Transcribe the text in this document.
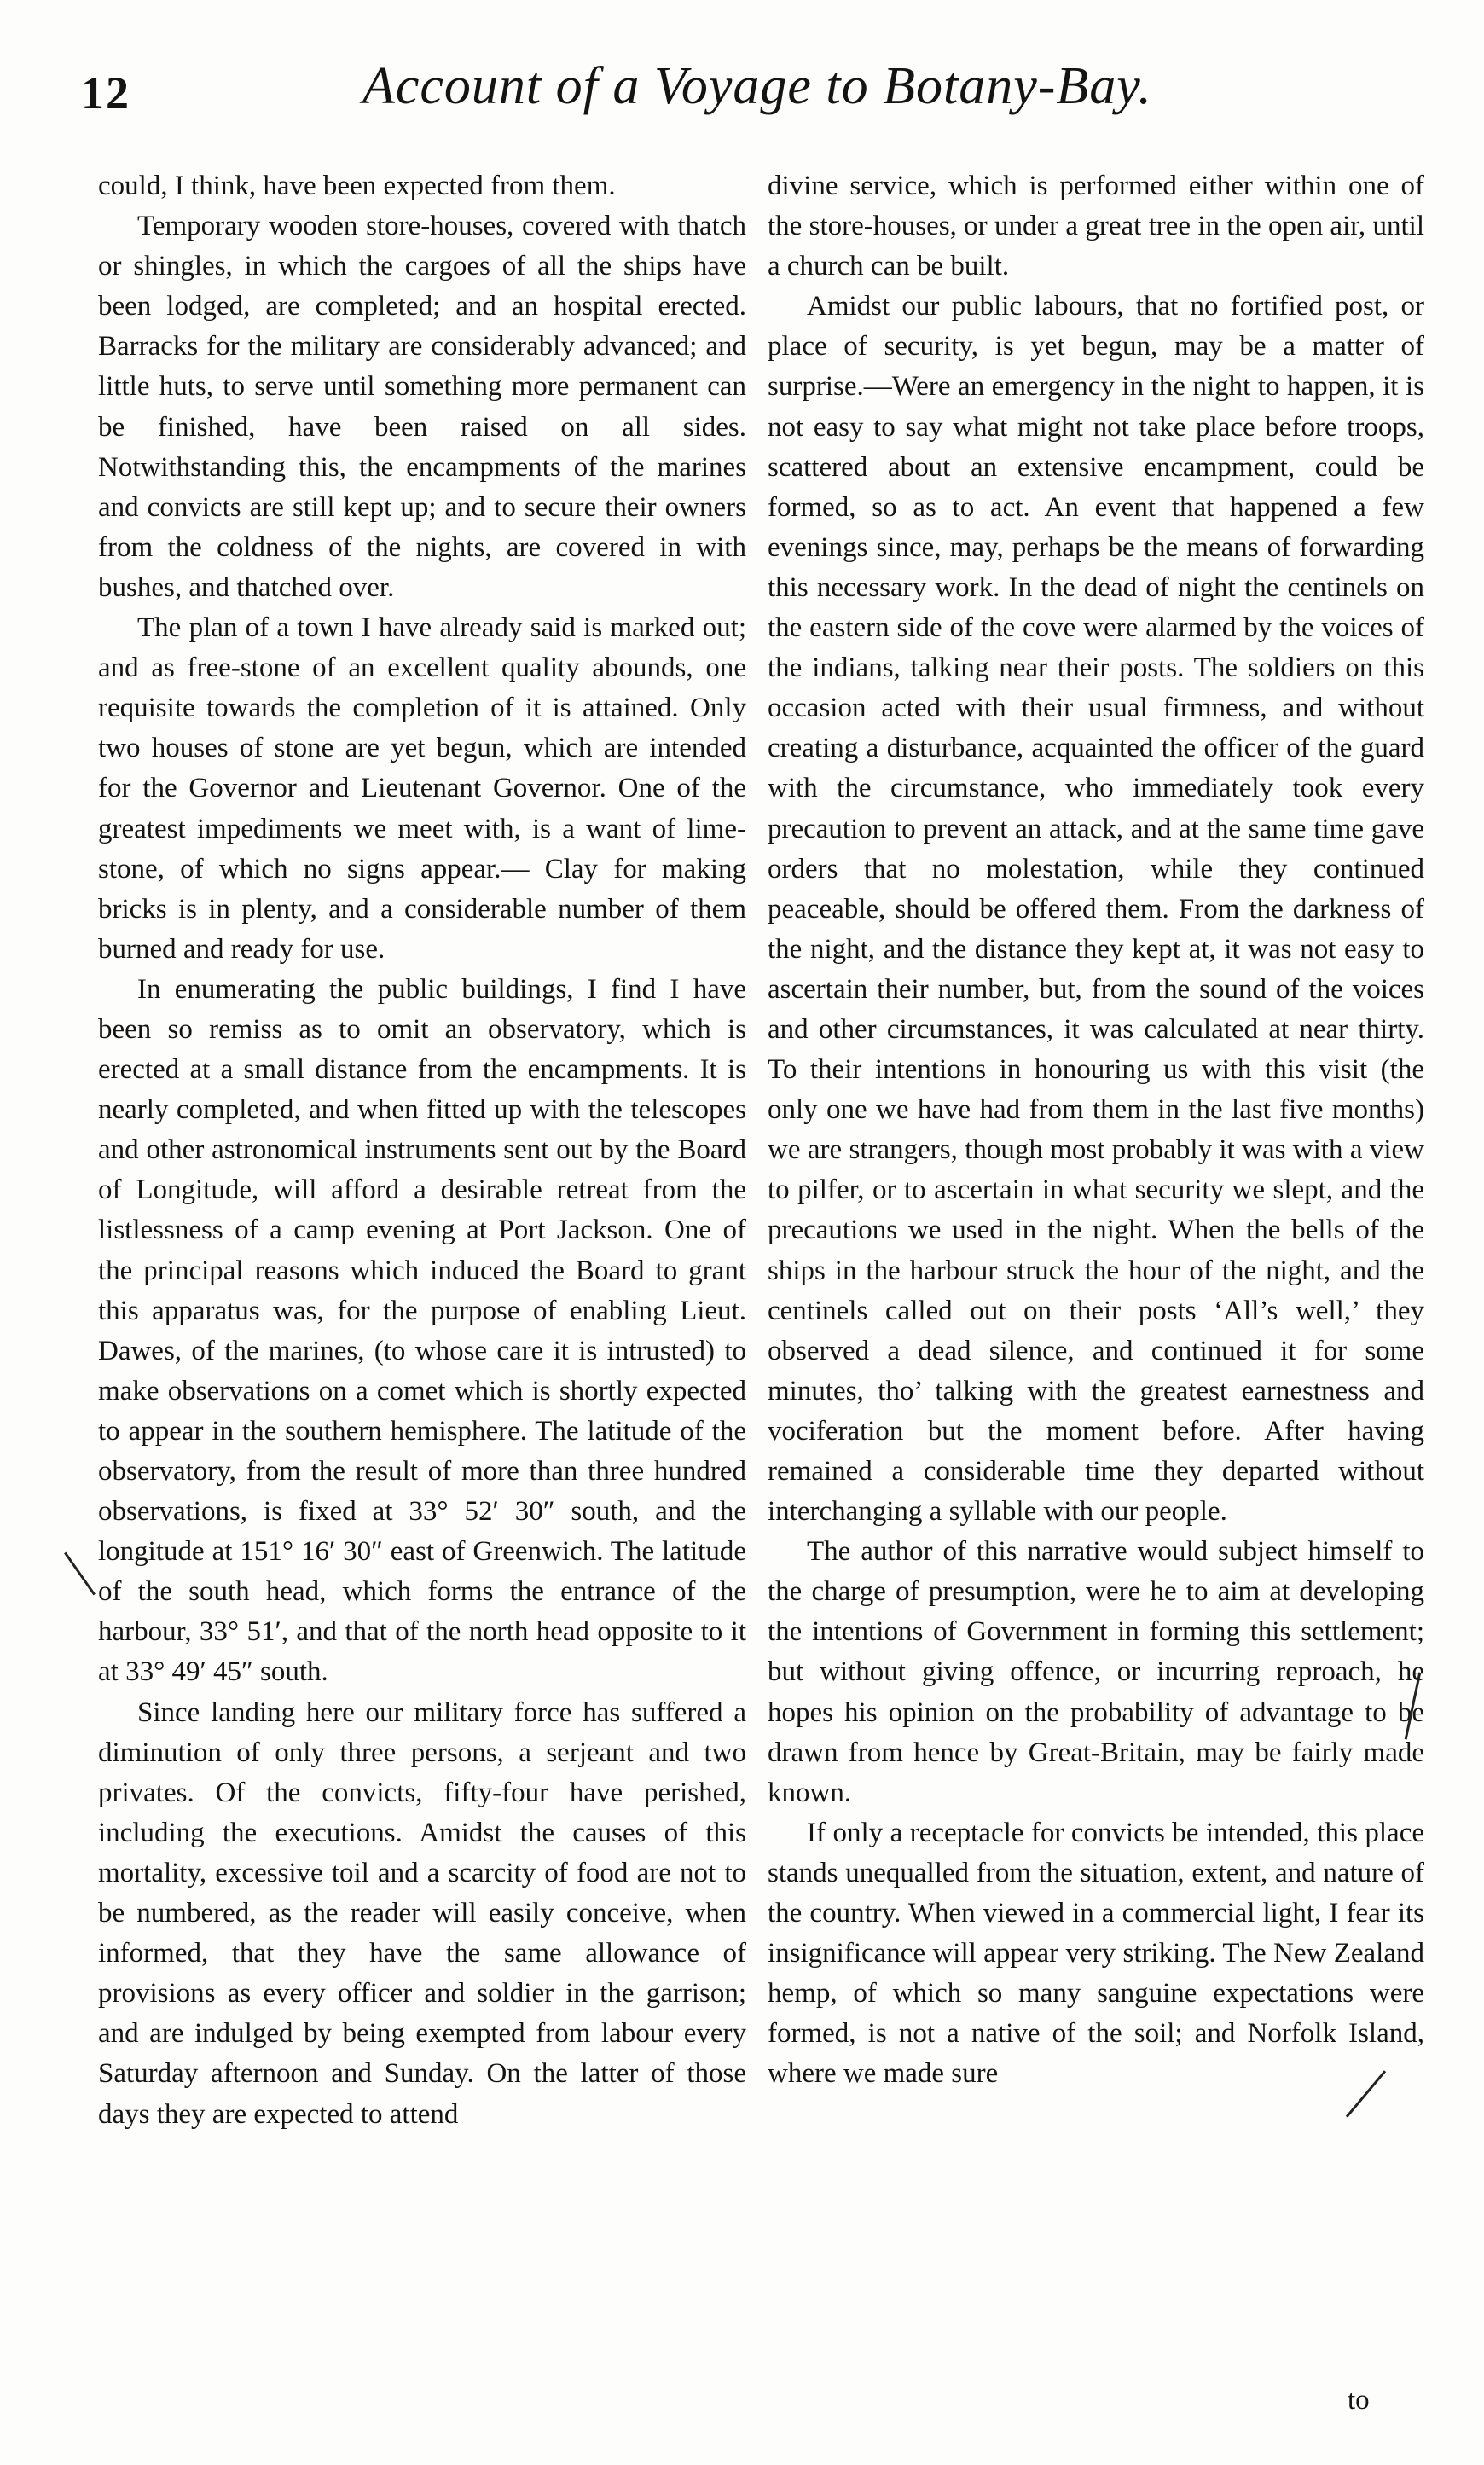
12	Account of a Voyage to Botany-Bay.

could, I think, have been expected from them.

Temporary wooden store-houses, covered with thatch or shingles, in which the cargoes of all the ships have been lodged, are completed; and an hospital erected. Barracks for the military are considerably advanced; and little huts, to serve until something more permanent can be finished, have been raised on all sides. Notwithstanding this, the encampments of the marines and convicts are still kept up; and to secure their owners from the coldness of the nights, are covered in with bushes, and thatched over.

The plan of a town I have already said is marked out; and as free-stone of an excellent quality abounds, one requisite towards the completion of it is attained. Only two houses of stone are yet begun, which are intended for the Governor and Lieutenant Governor. One of the greatest impediments we meet with, is a want of lime-stone, of which no signs appear.— Clay for making bricks is in plenty, and a considerable number of them burned and ready for use.

In enumerating the public buildings, I find I have been so remiss as to omit an observatory, which is erected at a small distance from the encampments. It is nearly completed, and when fitted up with the telescopes and other astronomical instruments sent out by the Board of Longitude, will afford a desirable retreat from the listlessness of a camp evening at Port Jackson. One of the principal reasons which induced the Board to grant this apparatus was, for the purpose of enabling Lieut. Dawes, of the marines, (to whose care it is intrusted) to make observations on a comet which is shortly expected to appear in the southern hemisphere. The latitude of the observatory, from the result of more than three hundred observations, is fixed at 33° 52′ 30″ south, and the longitude at 151° 16′ 30″ east of Greenwich. The latitude of the south head, which forms the entrance of the harbour, 33° 51′, and that of the north head opposite to it at 33° 49′ 45″ south.

Since landing here our military force has suffered a diminution of only three persons, a serjeant and two privates. Of the convicts, fifty-four have perished, including the executions. Amidst the causes of this mortality, excessive toil and a scarcity of food are not to be numbered, as the reader will easily conceive, when informed, that they have the same allowance of provisions as every officer and soldier in the garrison; and are indulged by being exempted from labour every Saturday afternoon and Sunday. On the latter of those days they are expected to attend

divine service, which is performed either within one of the store-houses, or under a great tree in the open air, until a church can be built.

Amidst our public labours, that no fortified post, or place of security, is yet begun, may be a matter of surprise.—Were an emergency in the night to happen, it is not easy to say what might not take place before troops, scattered about an extensive encampment, could be formed, so as to act. An event that happened a few evenings since, may, perhaps be the means of forwarding this necessary work. In the dead of night the centinels on the eastern side of the cove were alarmed by the voices of the indians, talking near their posts. The soldiers on this occasion acted with their usual firmness, and without creating a disturbance, acquainted the officer of the guard with the circumstance, who immediately took every precaution to prevent an attack, and at the same time gave orders that no molestation, while they continued peaceable, should be offered them. From the darkness of the night, and the distance they kept at, it was not easy to ascertain their number, but, from the sound of the voices and other circumstances, it was calculated at near thirty. To their intentions in honouring us with this visit (the only one we have had from them in the last five months) we are strangers, though most probably it was with a view to pilfer, or to ascertain in what security we slept, and the precautions we used in the night. When the bells of the ships in the harbour struck the hour of the night, and the centinels called out on their posts ‘All’s well,’ they observed a dead silence, and continued it for some minutes, tho’ talking with the greatest earnestness and vociferation but the moment before. After having remained a considerable time they departed without interchanging a syllable with our people.

The author of this narrative would subject himself to the charge of presumption, were he to aim at developing the intentions of Government in forming this settlement; but without giving offence, or incurring reproach, he hopes his opinion on the probability of advantage to be drawn from hence by Great-Britain, may be fairly made known.

If only a receptacle for convicts be intended, this place stands unequalled from the situation, extent, and nature of the country. When viewed in a commercial light, I fear its insignificance will appear very striking. The New Zealand hemp, of which so many sanguine expectations were formed, is not a native of the soil; and Norfolk Island, where we made sure

to
